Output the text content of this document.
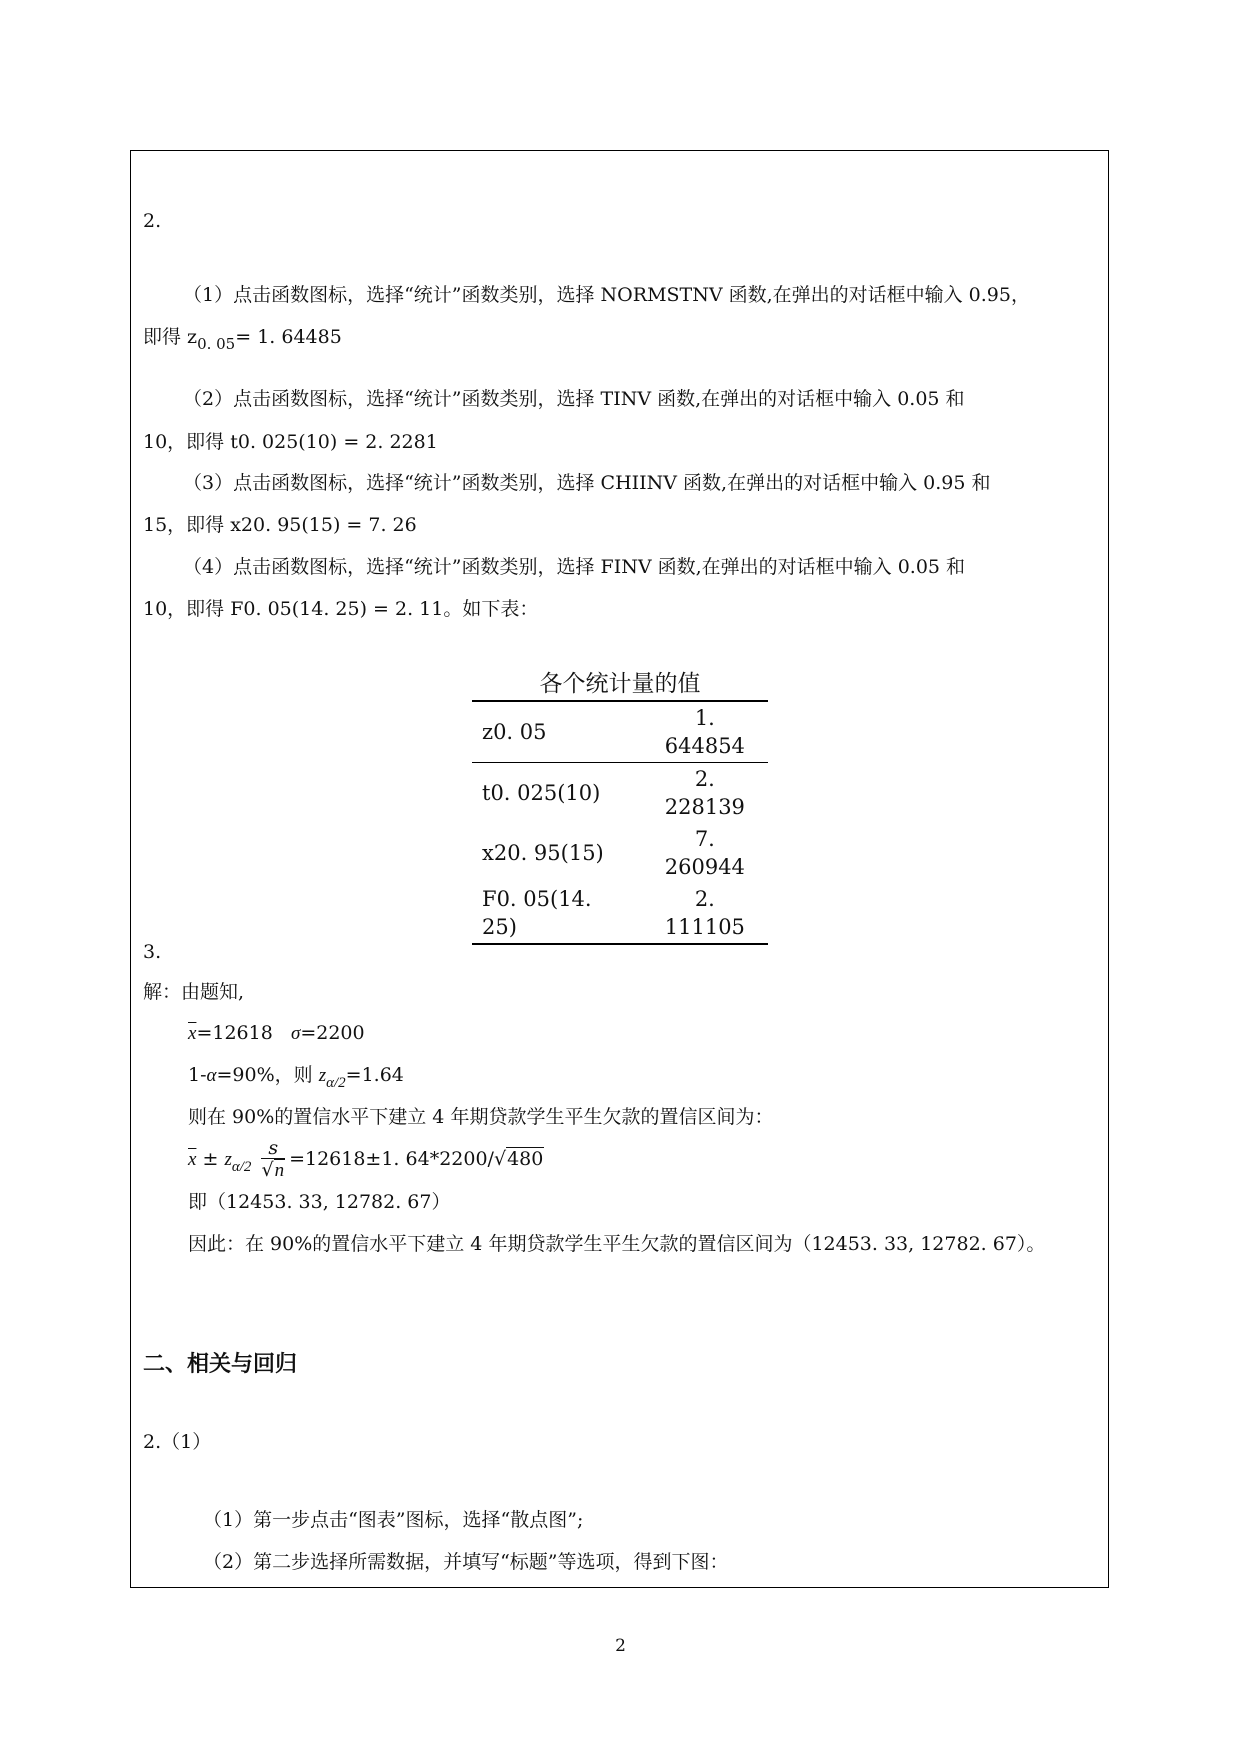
2.
（1）点击函数图标，选择“统计”函数类别，选择 NORMSTNV 函数,在弹出的对话框中输入 0.95，
即得 $z_{0. 05}= 1$. 64485
（2）点击函数图标，选择“统计”函数类别，选择 TINV 函数,在弹出的对话框中输入 0.05 和
10，即得 t0. 025(10) = 2. 2281
（3）点击函数图标，选择“统计”函数类别，选择 CHIINV 函数,在弹出的对话框中输入 0.95 和
15，即得 x20. 95(15) = 7. 26
（4）点击函数图标，选择“统计”函数类别，选择 FINV 函数,在弹出的对话框中输入 0.05 和
10，即得 F0. 05(14. 25) = 2. 11。如下表：
各个统计量的值
z0. 05	1. 644854
t0. 025(10)	2. 228139
x20. 95(15)	7. 260944
F0. 05(14. 25)	2. 111105
3.
解：由题知,
$\overline{x}=12618$ σ=2200
1-α=90%，则 $z_{\alpha/2}=1.64$
则在 90%的置信水平下建立 4 年期贷款学生平生欠款的置信区间为：
$\overline{x} \pm z_{\alpha/2} \frac{s}{√n} =12618\pm 1$. 64*2200/√480
即（12453. 33, 12782. 67）
因此：在 90%的置信水平下建立 4 年期贷款学生平生欠款的置信区间为（12453. 33, 12782. 67）。
二、相关与回归
2.（1）
（1）第一步点击“图表”图标，选择“散点图”;
（2）第二步选择所需数据，并填写“标题”等选项，得到下图：
2
